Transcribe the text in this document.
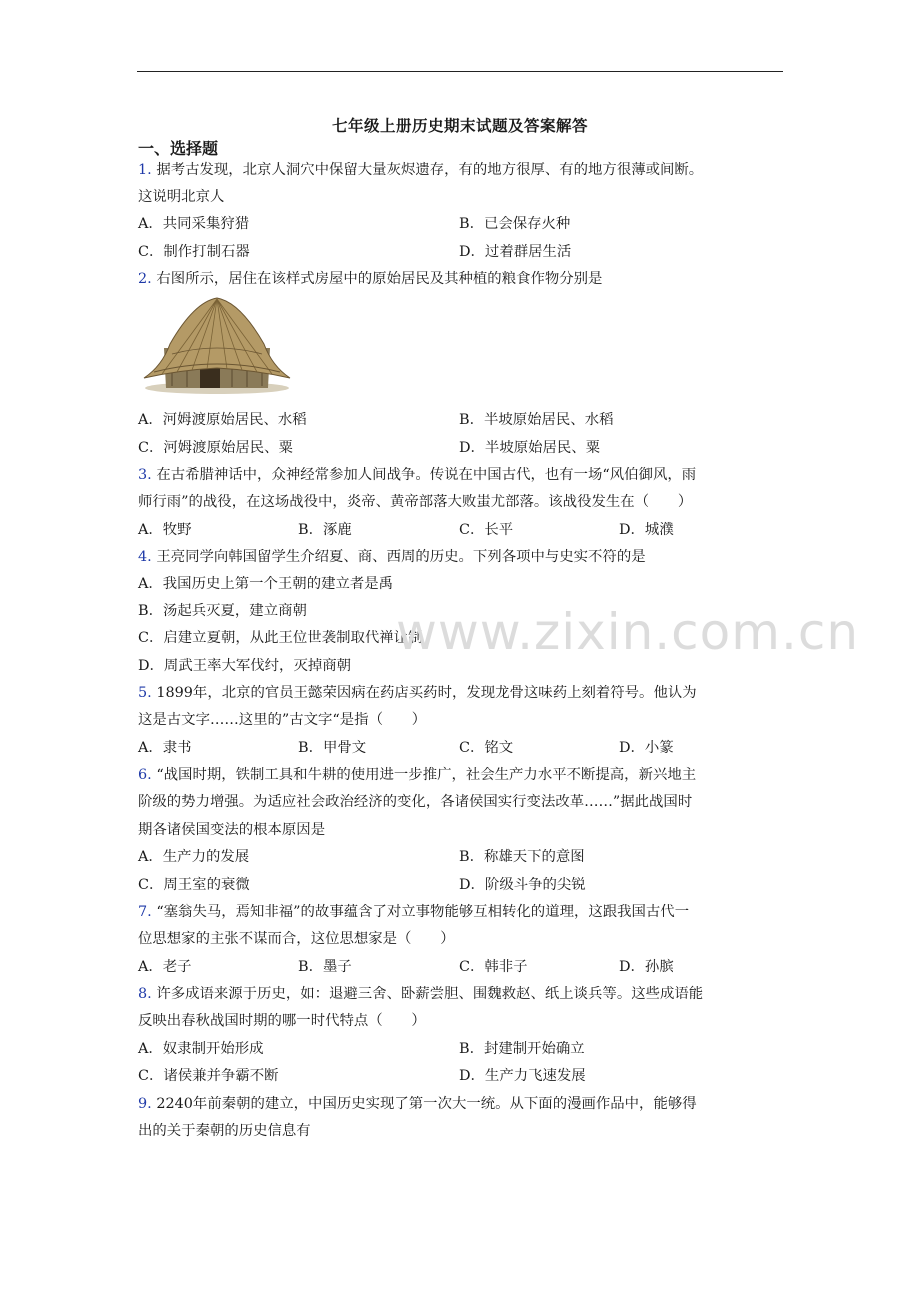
七年级上册历史期末试题及答案解答
一、选择题
1. 据考古发现，北京人洞穴中保留大量灰烬遗存，有的地方很厚、有的地方很薄或间断。
这说明北京人
A．共同采集狩猎	B．已会保存火种
C．制作打制石器	D．过着群居生活
2. 右图所示，居住在该样式房屋中的原始居民及其种植的粮食作物分别是
A．河姆渡原始居民、水稻	B．半坡原始居民、水稻
C．河姆渡原始居民、粟	D．半坡原始居民、粟
3. 在古希腊神话中，众神经常参加人间战争。传说在中国古代，也有一场“风伯御风，雨
师行雨”的战役，在这场战役中，炎帝、黄帝部落大败蚩尤部落。该战役发生在（　　）
A．牧野	B．涿鹿	C．长平	D．城濮
4. 王亮同学向韩国留学生介绍夏、商、西周的历史。下列各项中与史实不符的是
A．我国历史上第一个王朝的建立者是禹
B．汤起兵灭夏，建立商朝
C．启建立夏朝，从此王位世袭制取代禅让制
D．周武王率大军伐纣，灭掉商朝
5. 1899年，北京的官员王懿荣因病在药店买药时，发现龙骨这味药上刻着符号。他认为
这是古文字……这里的”古文字“是指（　　）
A．隶书	B．甲骨文	C．铭文	D．小篆
6. “战国时期，铁制工具和牛耕的使用进一步推广，社会生产力水平不断提高，新兴地主
阶级的势力增强。为适应社会政治经济的变化，各诸侯国实行变法改革……”据此战国时
期各诸侯国变法的根本原因是
A．生产力的发展	B．称雄天下的意图
C．周王室的衰微	D．阶级斗争的尖锐
7. “塞翁失马，焉知非福”的故事蕴含了对立事物能够互相转化的道理，这跟我国古代一
位思想家的主张不谋而合，这位思想家是（　　）
A．老子	B．墨子	C．韩非子	D．孙膑
8. 许多成语来源于历史，如：退避三舍、卧薪尝胆、围魏救赵、纸上谈兵等。这些成语能
反映出春秋战国时期的哪一时代特点（　　）
A．奴隶制开始形成	B．封建制开始确立
C．诸侯兼并争霸不断	D．生产力飞速发展
9. 2240年前秦朝的建立，中国历史实现了第一次大一统。从下面的漫画作品中，能够得
出的关于秦朝的历史信息有
www.zixin.com.cn
